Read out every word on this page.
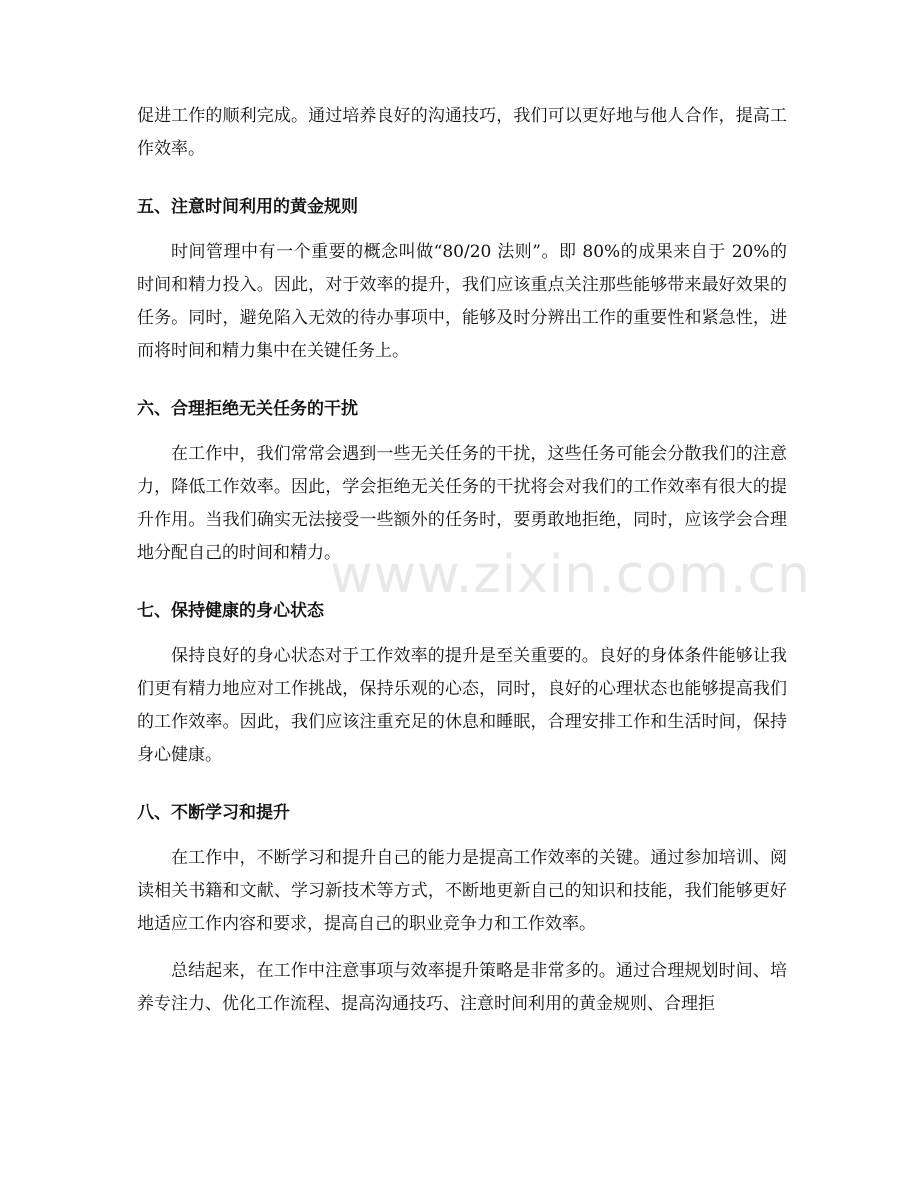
促进工作的顺利完成。通过培养良好的沟通技巧，我们可以更好地与他人合作，提高工作效率。

五、注意时间利用的黄金规则

时间管理中有一个重要的概念叫做“80/20 法则”。即 80%的成果来自于 20%的时间和精力投入。因此，对于效率的提升，我们应该重点关注那些能够带来最好效果的任务。同时，避免陷入无效的待办事项中，能够及时分辨出工作的重要性和紧急性，进而将时间和精力集中在关键任务上。

六、合理拒绝无关任务的干扰

在工作中，我们常常会遇到一些无关任务的干扰，这些任务可能会分散我们的注意力，降低工作效率。因此，学会拒绝无关任务的干扰将会对我们的工作效率有很大的提升作用。当我们确实无法接受一些额外的任务时，要勇敢地拒绝，同时，应该学会合理地分配自己的时间和精力。

七、保持健康的身心状态

保持良好的身心状态对于工作效率的提升是至关重要的。良好的身体条件能够让我们更有精力地应对工作挑战，保持乐观的心态，同时，良好的心理状态也能够提高我们的工作效率。因此，我们应该注重充足的休息和睡眠，合理安排工作和生活时间，保持身心健康。

八、不断学习和提升

在工作中，不断学习和提升自己的能力是提高工作效率的关键。通过参加培训、阅读相关书籍和文献、学习新技术等方式，不断地更新自己的知识和技能，我们能够更好地适应工作内容和要求，提高自己的职业竞争力和工作效率。

总结起来，在工作中注意事项与效率提升策略是非常多的。通过合理规划时间、培养专注力、优化工作流程、提高沟通技巧、注意时间利用的黄金规则、合理拒

www.zixin.com.cn
